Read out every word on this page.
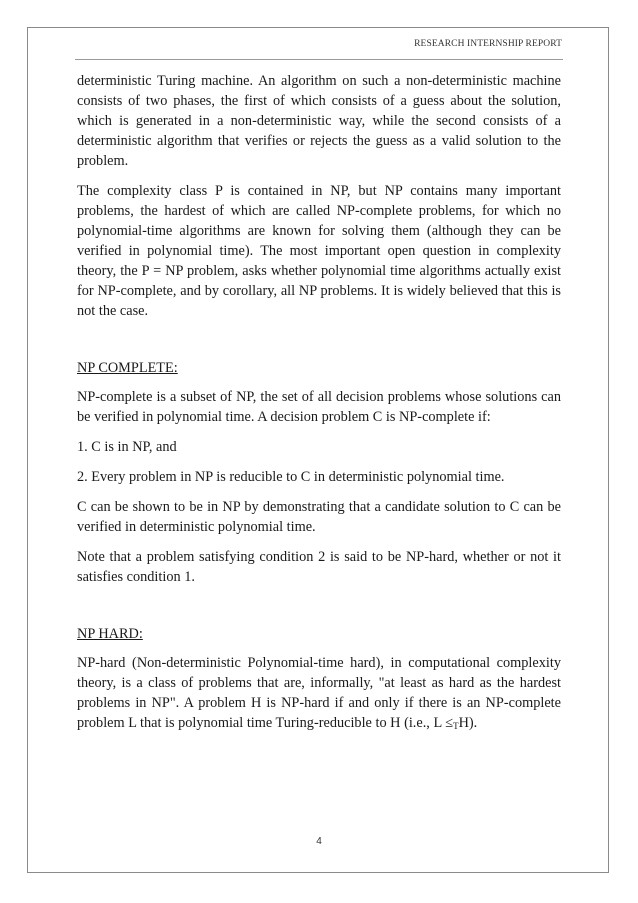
RESEARCH INTERNSHIP REPORT

deterministic Turing machine. An algorithm on such a non-deterministic machine consists of two phases, the first of which consists of a guess about the solution, which is generated in a non-deterministic way, while the second consists of a deterministic algorithm that verifies or rejects the guess as a valid solution to the problem.

The complexity class P is contained in NP, but NP contains many important problems, the hardest of which are called NP-complete problems, for which no polynomial-time algorithms are known for solving them (although they can be verified in polynomial time). The most important open question in complexity theory, the P = NP problem, asks whether polynomial time algorithms actually exist for NP-complete, and by corollary, all NP problems. It is widely believed that this is not the case.

NP COMPLETE:

NP-complete is a subset of NP, the set of all decision problems whose solutions can be verified in polynomial time. A decision problem C is NP-complete if:

1. C is in NP, and

2. Every problem in NP is reducible to C in deterministic polynomial time.

C can be shown to be in NP by demonstrating that a candidate solution to C can be verified in deterministic polynomial time.

Note that a problem satisfying condition 2 is said to be NP-hard, whether or not it satisfies condition 1.

NP HARD:

NP-hard (Non-deterministic Polynomial-time hard), in computational complexity theory, is a class of problems that are, informally, "at least as hard as the hardest problems in NP". A problem H is NP-hard if and only if there is an NP-complete problem L that is polynomial time Turing-reducible to H (i.e., $L \le_TH$).

4
